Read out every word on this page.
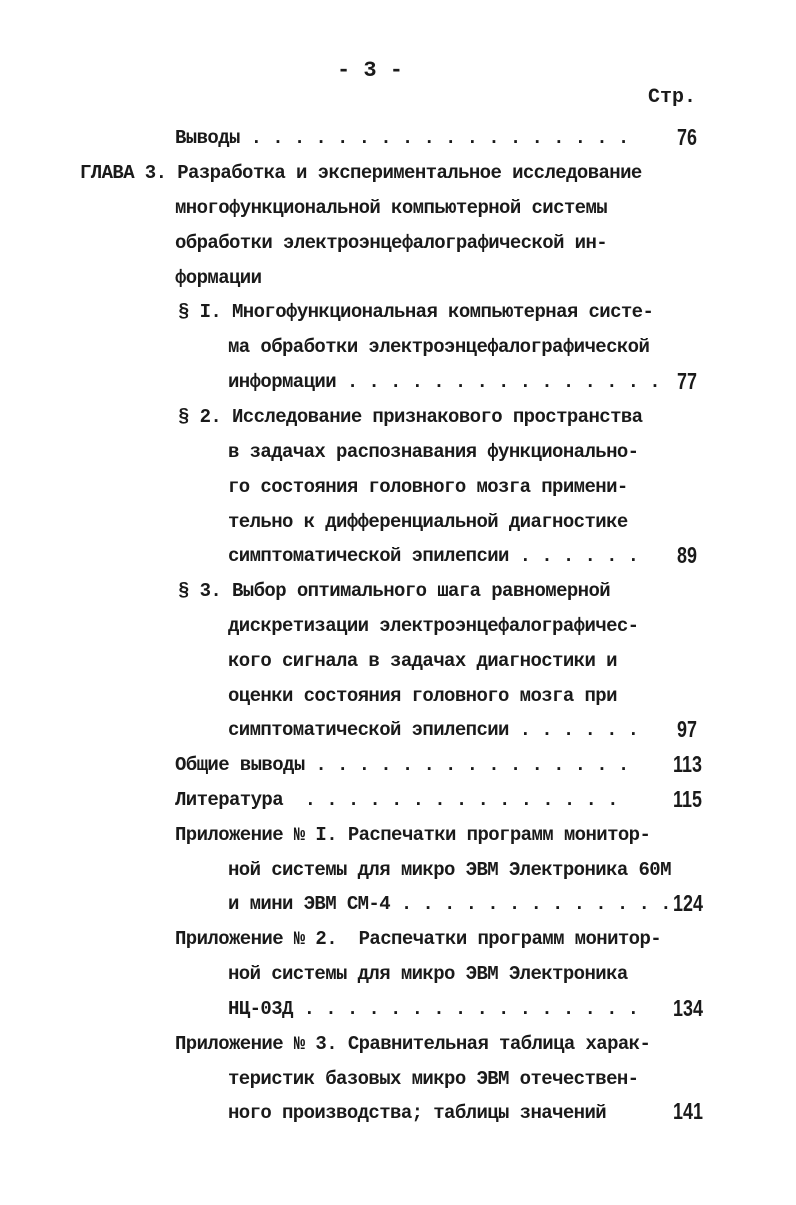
- 3 -
Стр.
Выводы . . . . . . . . . . . . . . . . . . 76
ГЛАВА 3. Разработка и экспериментальное исследование
многофункциональной компьютерной системы
обработки электроэнцефалографической ин-
формации
§ I. Многофункциональная компьютерная систе-
ма обработки электроэнцефалографической
информации . . . . . . . . . . . . . . . 77
§ 2. Исследование признакового пространства
в задачах распознавания функционально-
го состояния головного мозга примени-
тельно к дифференциальной диагностике
симптоматической эпилепсии . . . . . . 89
§ 3. Выбор оптимального шага равномерной
дискретизации электроэнцефалографичес-
кого сигнала в задачах диагностики и
оценки состояния головного мозга при
симптоматической эпилепсии . . . . . . 97
Общие выводы . . . . . . . . . . . . . . . 113
Литература  . . . . . . . . . . . . . . . 115
Приложение № I. Распечатки программ монитор-
ной системы для микро ЭВМ Электроника 60М
и мини ЭВМ СМ-4 . . . . . . . . . . . . . 124
Приложение № 2.  Распечатки программ монитор-
ной системы для микро ЭВМ Электроника
НЦ-03Д . . . . . . . . . . . . . . . . 134
Приложение № 3. Сравнительная таблица харак-
теристик базовых микро ЭВМ отечествен-
ного производства; таблицы значений	141
